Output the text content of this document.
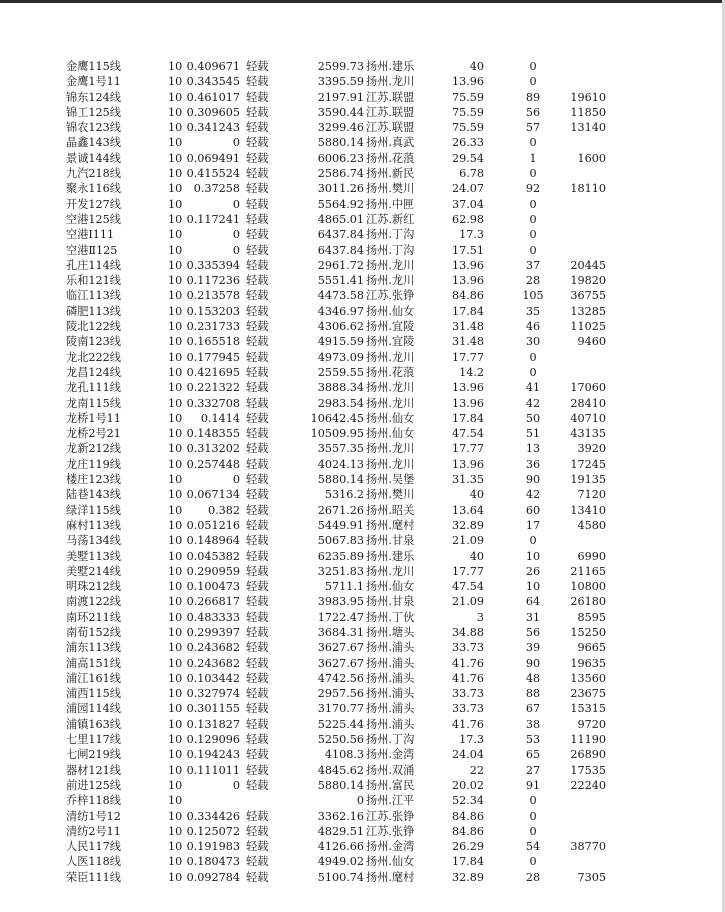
金鹰115线	10 0.409671 轻载	2599.73 扬州.建乐	40	0
金鹰1号11	10 0.343545 轻载	3395.59 扬州.龙川	13.96	0
锦东124线	10 0.461017 轻载	2197.91 江苏.联盟	75.59	89	19610
锦工125线	10 0.309605 轻载	3590.44 江苏.联盟	75.59	56	11850
锦农123线	10 0.341243 轻载	3299.46 江苏.联盟	75.59	57	13140
晶鑫143线	10	0 轻载	5880.14 扬州.真武	26.33	0
景诚144线	10 0.069491 轻载	6006.23 扬州.花蒗	29.54	1	1600
九汽218线	10 0.415524 轻载	2586.74 扬州.新民	6.78	0
聚永116线	10	0.37258 轻载	3011.26 扬州.樊川	24.07	92	18110
开发127线	10	0 轻载	5564.92 扬州.中匣	37.04	0
空港125线	10 0.117241 轻载	4865.01 江苏.新红	62.98	0
空港Ⅰ111	10	0 轻载	6437.84 扬州.丁沟	17.3	0
空港Ⅱ125	10	0 轻载	6437.84 扬州.丁沟	17.51	0
孔庄114线	10 0.335394 轻载	2961.72 扬州.龙川	13.96	37	20445
乐和121线	10 0.117236 轻载	5551.41 扬州.龙川	13.96	28	19820
临江113线	10 0.213578 轻载	4473.58 江苏.张铮	84.86	105	36755
磷肥113线	10 0.153203 轻载	4346.97 扬州.仙女	17.84	35	13285
陵北122线	10 0.231733 轻载	4306.62 扬州.宜陵	31.48	46	11025
陵南123线	10 0.165518 轻载	4915.59 扬州.宜陵	31.48	30	9460
龙北222线	10 0.177945 轻载	4973.09 扬州.龙川	17.77	0
龙昌124线	10 0.421695 轻载	2559.55 扬州.花蒗	14.2	0
龙孔111线	10 0.221322 轻载	3888.34 扬州.龙川	13.96	41	17060
龙南115线	10 0.332708 轻载	2983.54 扬州.龙川	13.96	42	28410
龙桥1号11	10	0.1414 轻载	10642.45 扬州.仙女	17.84	50	40710
龙桥2号21	10 0.148355 轻载	10509.95 扬州.仙女	47.54	51	43135
龙新212线	10 0.313202 轻载	3557.35 扬州.龙川	17.77	13	3920
龙庄119线	10 0.257448 轻载	4024.13 扬州.龙川	13.96	36	17245
楼庄123线	10	0 轻载	5880.14 扬州.吴堡	31.35	90	19135
陆巷143线	10 0.067134 轻载	5316.2 扬州.樊川	40	42	7120
绿洋115线	10	0.382 轻载	2671.26 扬州.昭关	13.64	60	13410
麻村113线	10 0.051216 轻载	5449.91 扬州.麾村	32.89	17	4580
马荡134线	10 0.148964 轻载	5067.83 扬州.甘泉	21.09	0
美墅113线	10 0.045382 轻载	6235.89 扬州.建乐	40	10	6990
美墅214线	10 0.290959 轻载	3251.83 扬州.龙川	17.77	26	21165
明珠212线	10 0.100473 轻载	5711.1 扬州.仙女	47.54	10	10800
南渡122线	10 0.266817 轻载	3983.95 扬州.甘泉	21.09	64	26180
南环211线	10 0.483333 轻载	1722.47 扬州.丁伙	3	31	8595
南荀152线	10 0.299397 轻载	3684.31 扬州.塘头	34.88	56	15250
浦东113线	10 0.243682 轻载	3627.67 扬州.浦头	33.73	39	9665
浦高151线	10 0.243682 轻载	3627.67 扬州.浦头	41.76	90	19635
浦江161线	10 0.103442 轻载	4742.56 扬州.浦头	41.76	48	13560
浦西115线	10 0.327974 轻载	2957.56 扬州.浦头	33.73	88	23675
浦园114线	10 0.301155 轻载	3170.77 扬州.浦头	33.73	67	15315
浦镇163线	10 0.131827 轻载	5225.44 扬州.浦头	41.76	38	9720
七里117线	10 0.129096 轻载	5250.56 扬州.丁沟	17.3	53	11190
七闸219线	10 0.194243 轻载	4108.3 扬州.金湾	24.04	65	26890
器材121线	10 0.111011 轻载	4845.62 扬州.双涌	22	27	17535
前进125线	10	0 轻载	5880.14 扬州.富民	20.02	91	22240
乔梓118线	10	0 扬州.江平	52.34	0
清纺1号12	10 0.334426 轻载	3362.16 江苏.张铮	84.86	0
清纺2号11	10 0.125072 轻载	4829.51 江苏.张铮	84.86	0
人民117线	10 0.191983 轻载	4126.66 扬州.金湾	26.29	54	38770
人医118线	10 0.180473 轻载	4949.02 扬州.仙女	17.84	0
荣臣111线	10 0.092784 轻载	5100.74 扬州.麾村	32.89	28	7305
